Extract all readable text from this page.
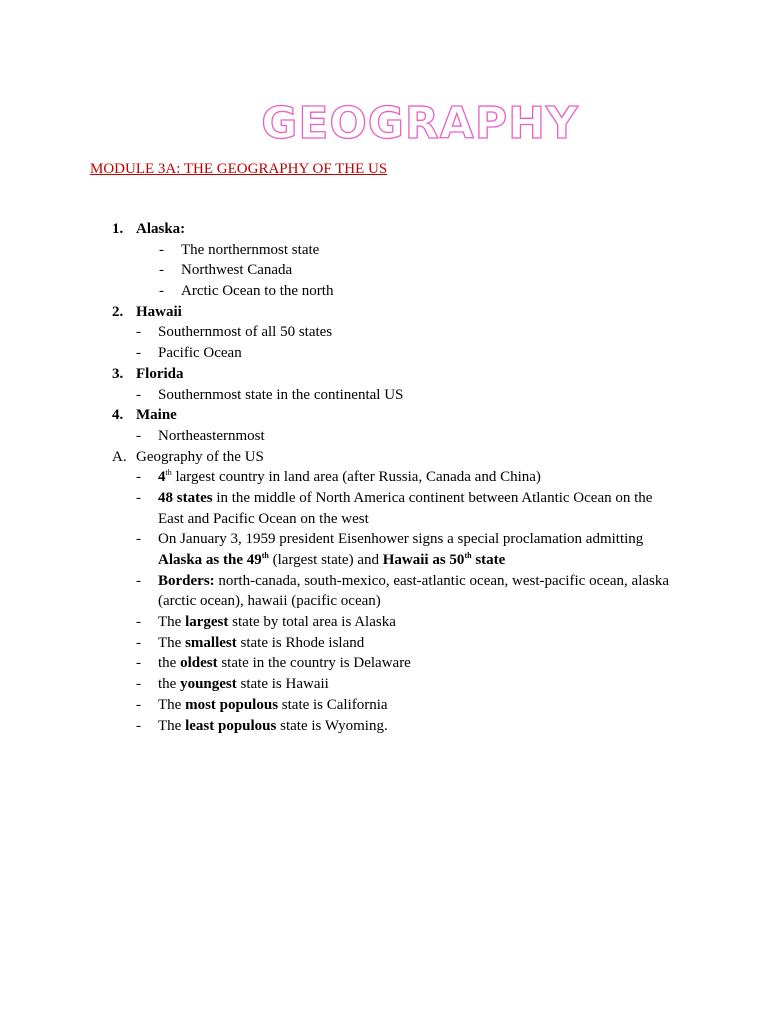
GEOGRAPHY
MODULE 3A: THE GEOGRAPHY OF THE US
1. Alaska:
- The northernmost state
- Northwest Canada
- Arctic Ocean to the north
2. Hawaii
- Southernmost of all 50 states
- Pacific Ocean
3. Florida
- Southernmost state in the continental US
4. Maine
- Northeasternmost
A. Geography of the US
- 4th largest country in land area (after Russia, Canada and China)
- 48 states in the middle of North America continent between Atlantic Ocean on the East and Pacific Ocean on the west
- On January 3, 1959 president Eisenhower signs a special proclamation admitting Alaska as the 49th (largest state) and Hawaii as 50th state
- Borders: north-canada, south-mexico, east-atlantic ocean, west-pacific ocean, alaska (arctic ocean), hawaii (pacific ocean)
- The largest state by total area is Alaska
- The smallest state is Rhode island
- the oldest state in the country is Delaware
- the youngest state is Hawaii
- The most populous state is California
- The least populous state is Wyoming.
